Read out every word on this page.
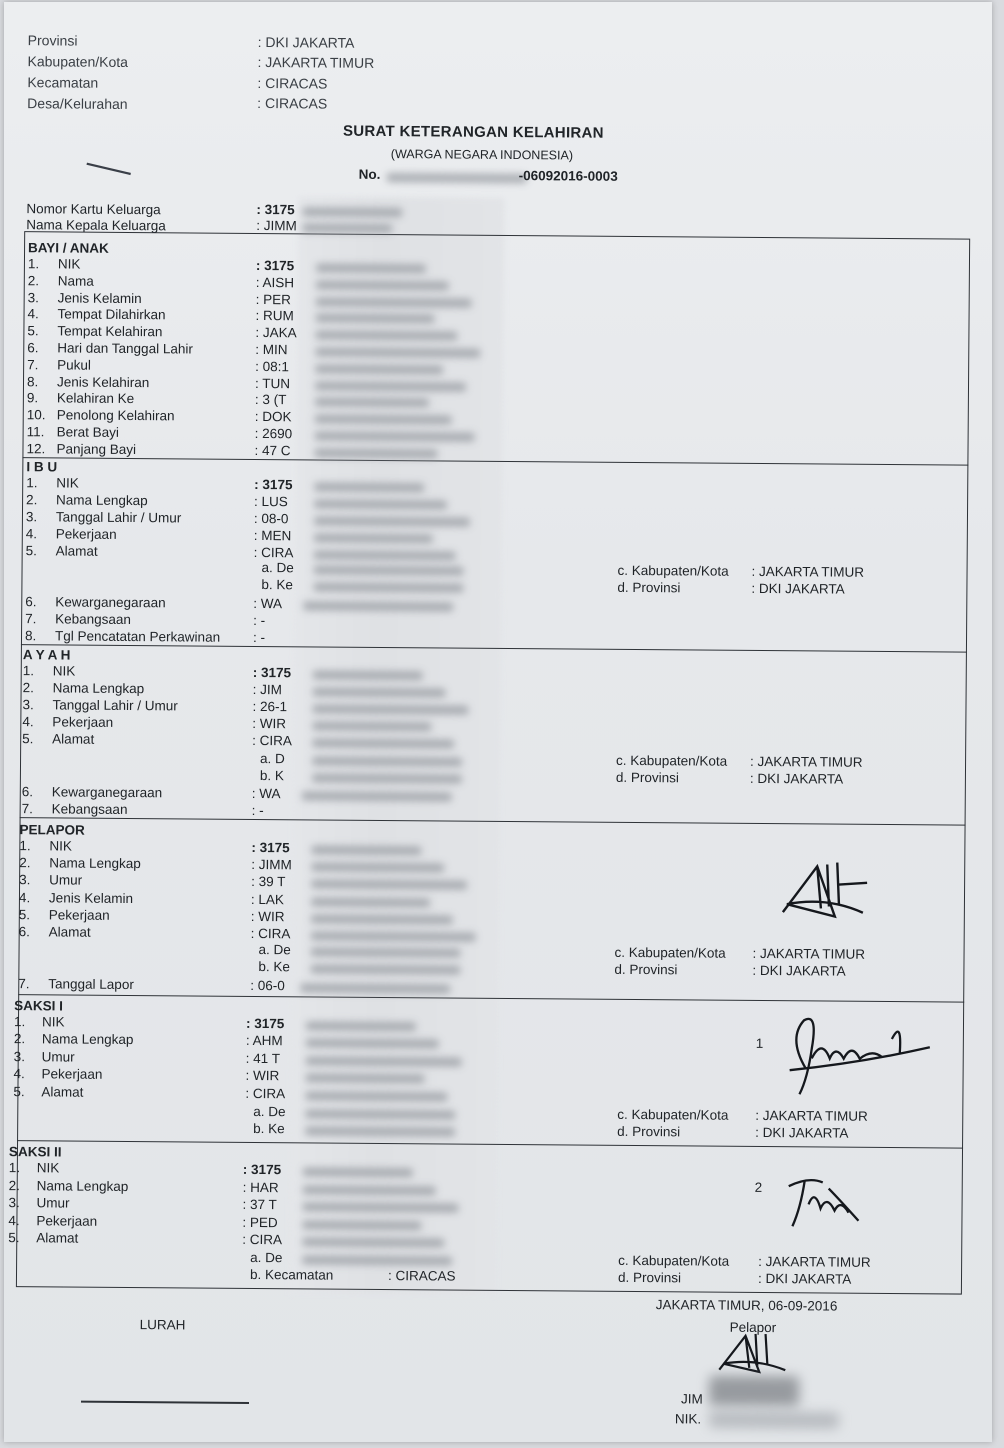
Provinsi	: DKI JAKARTA
Kabupaten/Kota	: JAKARTA TIMUR
Kecamatan	: CIRACAS
Desa/Kelurahan	: CIRACAS
SURAT KETERANGAN KELAHIRAN
(WARGA NEGARA INDONESIA)
No.	-06092016-0003
Nomor Kartu Keluarga	: 3175
Nama Kepala Keluarga	: JIMM
BAYI / ANAK
1. NIK	: 3175
2. Nama	: AISH
3. Jenis Kelamin	: PER
4. Tempat Dilahirkan	: RUM
5. Tempat Kelahiran	: JAKA
6. Hari dan Tanggal Lahir	: MIN
7. Pukul	: 08:1
8. Jenis Kelahiran	: TUN
9. Kelahiran Ke	: 3 (T
10. Penolong Kelahiran	: DOK
11. Berat Bayi	: 2690
12. Panjang Bayi	: 47 C
I B U
1. NIK	: 3175
2. Nama Lengkap	: LUS
3. Tanggal Lahir / Umur	: 08-0
4. Pekerjaan	: MEN
5. Alamat	: CIRA
a. De
b. Ke
6. Kewarganegaraan	: WA
7. Kebangsaan	: -
8. Tgl Pencatatan Perkawinan : -
c. Kabupaten/Kota : JAKARTA TIMUR
d. Provinsi	: DKI JAKARTA
A Y A H
1. NIK	: 3175
2. Nama Lengkap	: JIM
3. Tanggal Lahir / Umur	: 26-1
4. Pekerjaan	: WIR
5. Alamat	: CIRA
a. D
b. K
6. Kewarganegaraan	: WA
7. Kebangsaan	: -
c. Kabupaten/Kota : JAKARTA TIMUR
d. Provinsi	: DKI JAKARTA
PELAPOR
1. NIK	: 3175
2. Nama Lengkap	: JIMM
3. Umur	: 39 T
4. Jenis Kelamin	: LAK
5. Pekerjaan	: WIR
6. Alamat	: CIRA
a. De
b. Ke
7. Tanggal Lapor	: 06-0
c. Kabupaten/Kota : JAKARTA TIMUR
d. Provinsi	: DKI JAKARTA
SAKSI I
1. NIK	: 3175
2. Nama Lengkap	: AHM
3. Umur	: 41 T
4. Pekerjaan	: WIR
5. Alamat	: CIRA
a. De
b. Ke
c. Kabupaten/Kota : JAKARTA TIMUR
d. Provinsi	: DKI JAKARTA
SAKSI II
1. NIK	: 3175
2. Nama Lengkap	: HAR
3. Umur	: 37 T
4. Pekerjaan	: PED
5. Alamat	: CIRA
a. De
b. Kecamatan	: CIRACAS
c. Kabupaten/Kota : JAKARTA TIMUR
d. Provinsi	: DKI JAKARTA
1
2
JAKARTA TIMUR, 06-09-2016
LURAH	Pelapor
JIM
NIK.
